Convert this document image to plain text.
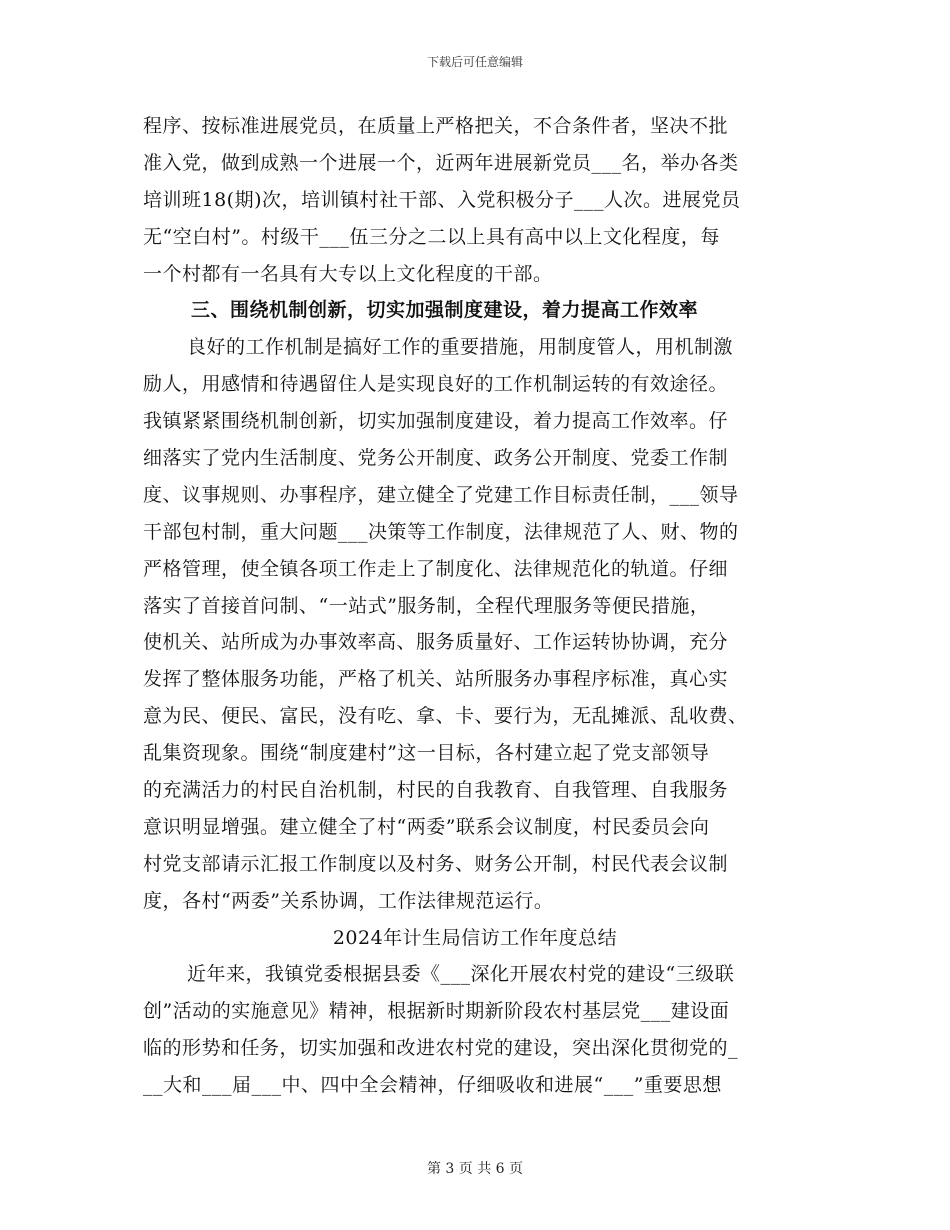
下载后可任意编辑
程序、按标准进展党员，在质量上严格把关，不合条件者，坚决不批
准入党，做到成熟一个进展一个，近两年进展新党员___名，举办各类
培训班18(期)次，培训镇村社干部、入党积极分子___人次。进展党员
无“空白村”。村级干___伍三分之二以上具有高中以上文化程度，每
一个村都有一名具有大专以上文化程度的干部。
三、围绕机制创新，切实加强制度建设，着力提高工作效率
良好的工作机制是搞好工作的重要措施，用制度管人，用机制激
励人，用感情和待遇留住人是实现良好的工作机制运转的有效途径。
我镇紧紧围绕机制创新，切实加强制度建设，着力提高工作效率。仔
细落实了党内生活制度、党务公开制度、政务公开制度、党委工作制
度、议事规则、办事程序，建立健全了党建工作目标责任制，___领导
干部包村制，重大问题___决策等工作制度，法律规范了人、财、物的
严格管理，使全镇各项工作走上了制度化、法律规范化的轨道。仔细
落实了首接首问制、“一站式”服务制，全程代理服务等便民措施，
使机关、站所成为办事效率高、服务质量好、工作运转协协调，充分
发挥了整体服务功能，严格了机关、站所服务办事程序标准，真心实
意为民、便民、富民，没有吃、拿、卡、要行为，无乱摊派、乱收费、
乱集资现象。围绕“制度建村”这一目标，各村建立起了党支部领导
的充满活力的村民自治机制，村民的自我教育、自我管理、自我服务
意识明显增强。建立健全了村“两委”联系会议制度，村民委员会向
村党支部请示汇报工作制度以及村务、财务公开制，村民代表会议制
度，各村“两委”关系协调，工作法律规范运行。
2024年计生局信访工作年度总结
近年来，我镇党委根据县委《___深化开展农村党的建设“三级联
创”活动的实施意见》精神，根据新时期新阶段农村基层党___建设面
临的形势和任务，切实加强和改进农村党的建设，突出深化贯彻党的_
__大和___届___中、四中全会精神，仔细吸收和进展“___”重要思想
第 3 页 共 6 页
